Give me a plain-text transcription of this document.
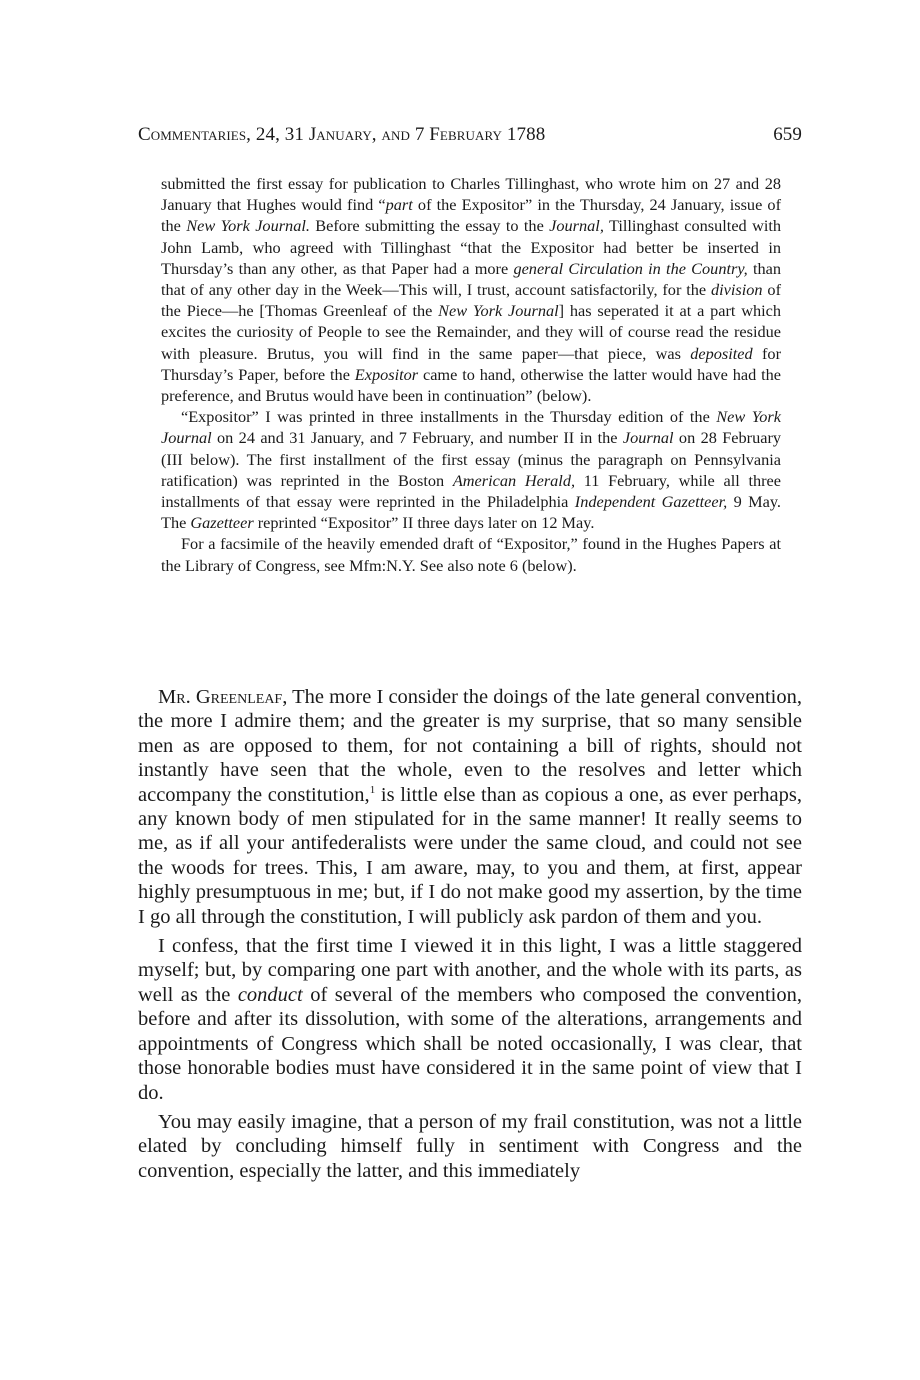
Commentaries, 24, 31 January, and 7 February 1788	659

submitted the first essay for publication to Charles Tillinghast, who wrote him on 27 and 28 January that Hughes would find “part of the Expositor” in the Thursday, 24 January, issue of the New York Journal. Before submitting the essay to the Journal, Tillinghast consulted with John Lamb, who agreed with Tillinghast “that the Expositor had better be inserted in Thursday’s than any other, as that Paper had a more general Circulation in the Country, than that of any other day in the Week—This will, I trust, account satisfactorily, for the division of the Piece—he [Thomas Greenleaf of the New York Journal] has seperated it at a part which excites the curiosity of People to see the Remainder, and they will of course read the residue with pleasure. Brutus, you will find in the same paper—that piece, was deposited for Thursday’s Paper, before the Expositor came to hand, otherwise the latter would have had the preference, and Brutus would have been in continuation” (below).

“Expositor” I was printed in three installments in the Thursday edition of the New York Journal on 24 and 31 January, and 7 February, and number II in the Journal on 28 February (III below). The first installment of the first essay (minus the paragraph on Pennsylvania ratification) was reprinted in the Boston American Herald, 11 February, while all three installments of that essay were reprinted in the Philadelphia Independent Gazetteer, 9 May. The Gazetteer reprinted “Expositor” II three days later on 12 May.

For a facsimile of the heavily emended draft of “Expositor,” found in the Hughes Papers at the Library of Congress, see Mfm:N.Y. See also note 6 (below).

Mr. Greenleaf, The more I consider the doings of the late general convention, the more I admire them; and the greater is my surprise, that so many sensible men as are opposed to them, for not containing a bill of rights, should not instantly have seen that the whole, even to the resolves and letter which accompany the constitution,$^1$ is little else than as copious a one, as ever perhaps, any known body of men stipulated for in the same manner! It really seems to me, as if all your antifederalists were under the same cloud, and could not see the woods for trees. This, I am aware, may, to you and them, at first, appear highly presumptuous in me; but, if I do not make good my assertion, by the time I go all through the constitution, I will publicly ask pardon of them and you.

I confess, that the first time I viewed it in this light, I was a little staggered myself; but, by comparing one part with another, and the whole with its parts, as well as the conduct of several of the members who composed the convention, before and after its dissolution, with some of the alterations, arrangements and appointments of Congress which shall be noted occasionally, I was clear, that those honorable bodies must have considered it in the same point of view that I do.

You may easily imagine, that a person of my frail constitution, was not a little elated by concluding himself fully in sentiment with Congress and the convention, especially the latter, and this immediately
